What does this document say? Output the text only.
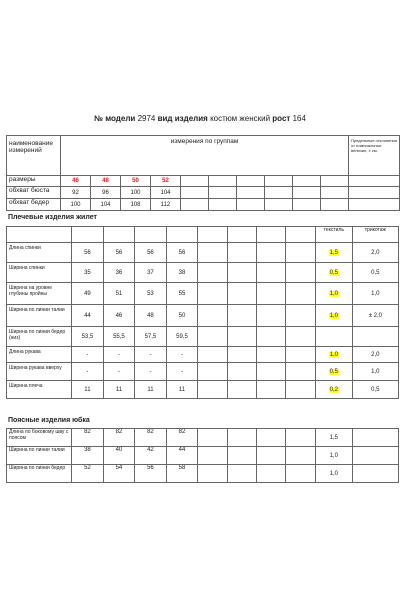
№ модели 2974 вид изделия костюм женский рост 164
наименование измерений	измерения по группам										Предельные отклонения от номинальных величин, ± см.
размеры	46	48	50	52							
обхват бюста	92	96	100	104							
обхват бедер	100	104	108	112							
Плечевые изделия жилет
									текстиль	трикотаж
Длина спинки	56	56	56	56					1,5	2,0
Ширина спинки	35	36	37	38					0,5	0,5
Ширина на уровне глубины пройны	49	51	53	55					1,0	1,0
Ширина по линии талии	44	46	48	50					1,0	± 2,0
Ширина по линии бедер (низ)	53,5	55,5	57,5	59,5						
Длина рукава	-	-	-	-					1,0	2,0
Ширина рукава вверху	-	-	-	-					0,5	1,0
Ширина плеча	11	11	11	11					0,2	0,5
Поясные изделия юбка
Длина по боковому шву с поясом	82	82	82	82					1,5	
Ширина по линии талии	38	40	42	44					1,0	
Ширина по линии бедер	52	54	56	58					1,0	
